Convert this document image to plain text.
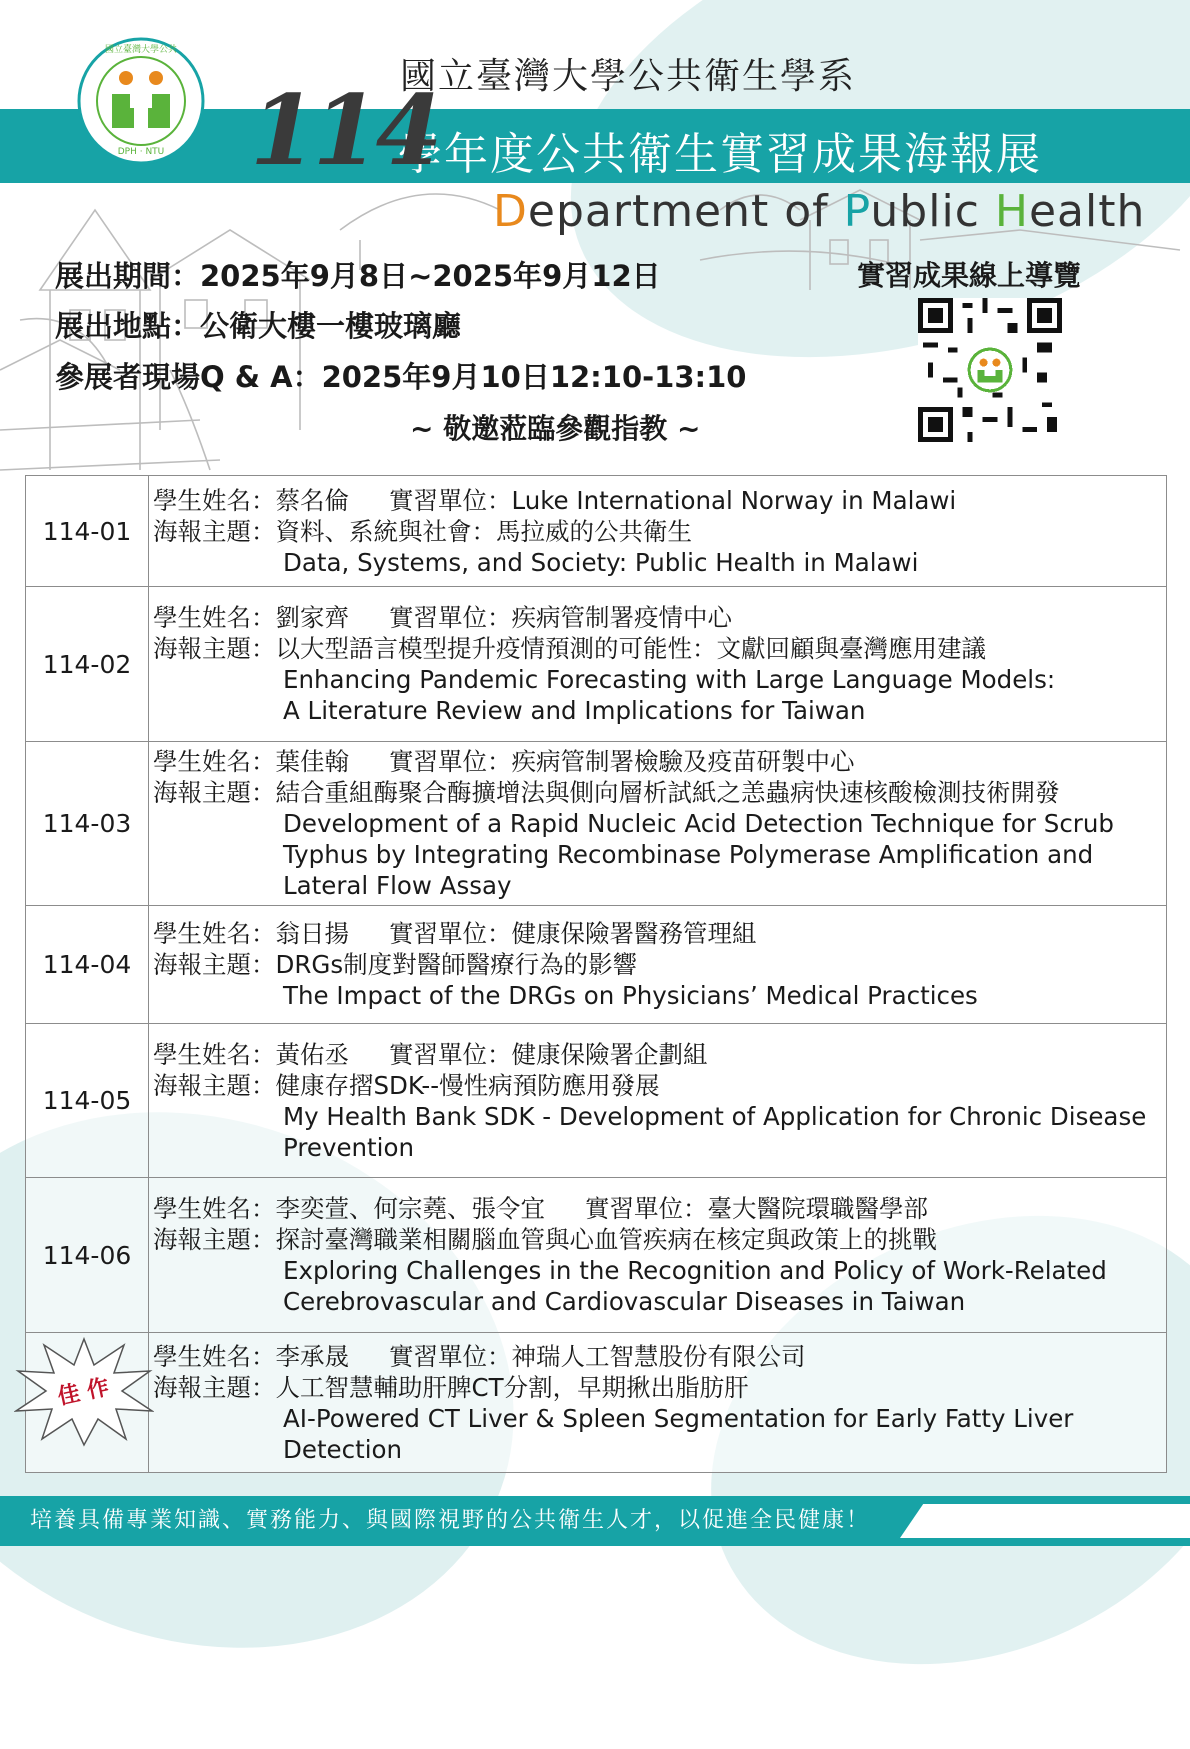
DPH · NTU
國立臺灣大學公共
國立臺灣大學公共衛生學系
114
學年度公共衛生實習成果海報展
Department of Public Health
展出期間：2025年9月8日~2025年9月12日
展出地點：公衛大樓一樓玻璃廳
參展者現場Q & A：2025年9月10日12:10-13:10
~ 敬邀蒞臨參觀指教 ~
實習成果線上導覽
114-01	學生姓名：蔡名倫 實習單位：Luke International Norway in Malawi
海報主題：資料、系統與社會：馬拉威的公共衛生
Data, Systems, and Society: Public Health in Malawi

114-02	學生姓名：劉家齊 實習單位：疾病管制署疫情中心
海報主題：以大型語言模型提升疫情預測的可能性：文獻回顧與臺灣應用建議
Enhancing Pandemic Forecasting with Large Language Models:
A Literature Review and Implications for Taiwan

114-03	學生姓名：葉佳翰 實習單位：疾病管制署檢驗及疫苗研製中心
海報主題：結合重組酶聚合酶擴增法與側向層析試紙之恙蟲病快速核酸檢測技術開發
Development of a Rapid Nucleic Acid Detection Technique for Scrub
Typhus by Integrating Recombinase Polymerase Amplification and
Lateral Flow Assay

114-04	學生姓名：翁日揚 實習單位：健康保險署醫務管理組
海報主題：DRGs制度對醫師醫療行為的影響
The Impact of the DRGs on Physicians’ Medical Practices

114-05	學生姓名：黃佑丞 實習單位：健康保險署企劃組
海報主題：健康存摺SDK--慢性病預防應用發展
My Health Bank SDK - Development of Application for Chronic Disease
Prevention

114-06	學生姓名：李奕萱、何宗蕘、張令宜 實習單位：臺大醫院環職醫學部
海報主題：探討臺灣職業相關腦血管與心血管疾病在核定與政策上的挑戰
Exploring Challenges in the Recognition and Policy of Work-Related
Cerebrovascular and Cardiovascular Diseases in Taiwan

	學生姓名：李承晟 實習單位：神瑞人工智慧股份有限公司
海報主題：人工智慧輔助肝脾CT分割，早期揪出脂肪肝
AI-Powered CT Liver & Spleen Segmentation for Early Fatty Liver
Detection
佳 作
培養具備專業知識、實務能力、與國際視野的公共衛生人才，以促進全民健康！
